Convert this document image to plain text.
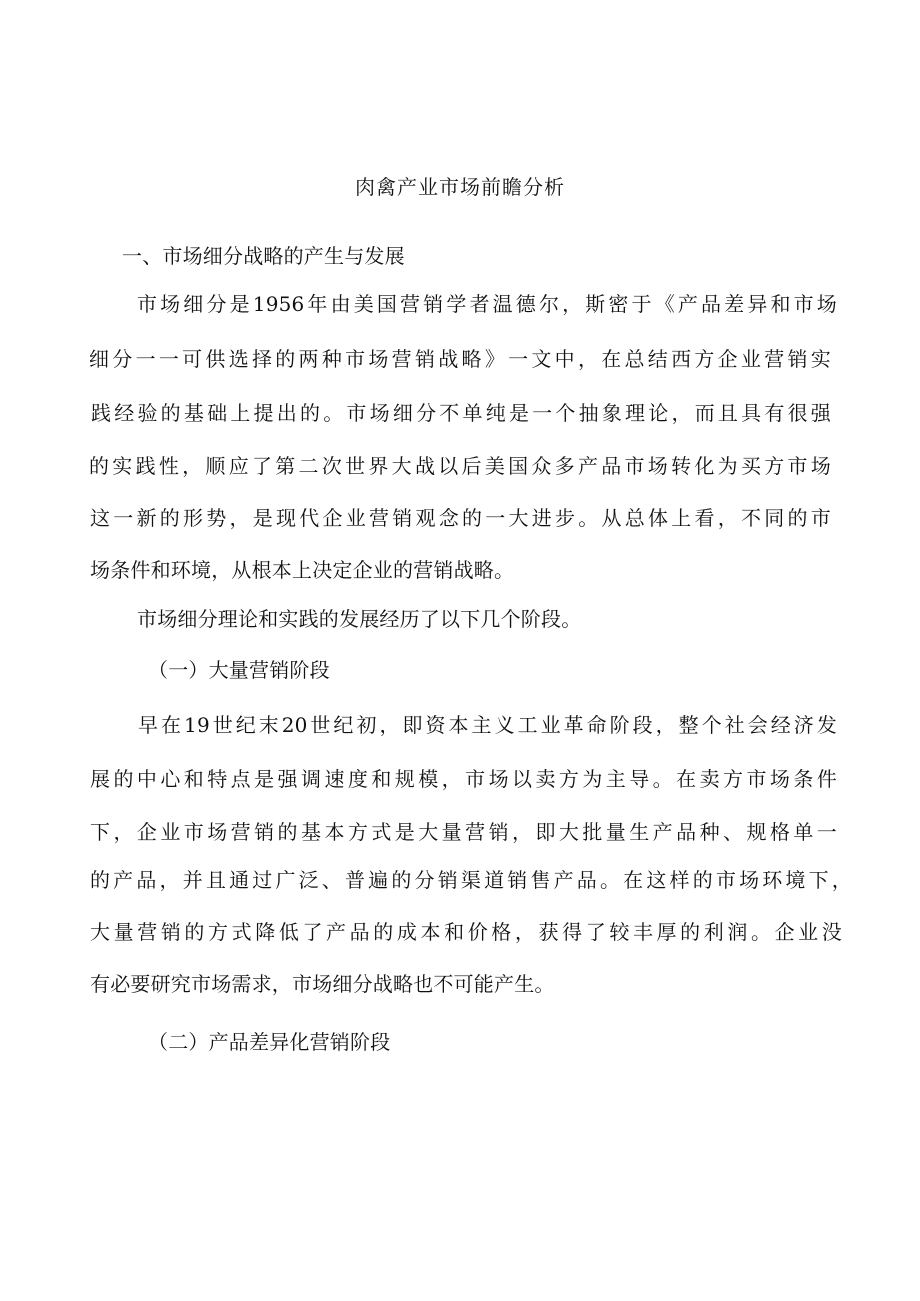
肉禽产业市场前瞻分析
一、市场细分战略的产生与发展
市场细分是1956年由美国营销学者温德尔，斯密于《产品差异和市场
细分一一可供选择的两种市场营销战略》一文中，在总结西方企业营销实
践经验的基础上提出的。市场细分不单纯是一个抽象理论，而且具有很强
的实践性，顺应了第二次世界大战以后美国众多产品市场转化为买方市场
这一新的形势，是现代企业营销观念的一大进步。从总体上看，不同的市
场条件和环境，从根本上决定企业的营销战略。
市场细分理论和实践的发展经历了以下几个阶段。
（一）大量营销阶段
早在19世纪末20世纪初，即资本主义工业革命阶段，整个社会经济发
展的中心和特点是强调速度和规模，市场以卖方为主导。在卖方市场条件
下，企业市场营销的基本方式是大量营销，即大批量生产品种、规格单一
的产品，并且通过广泛、普遍的分销渠道销售产品。在这样的市场环境下，
大量营销的方式降低了产品的成本和价格，获得了较丰厚的利润。企业没
有必要研究市场需求，市场细分战略也不可能产生。
（二）产品差异化营销阶段
